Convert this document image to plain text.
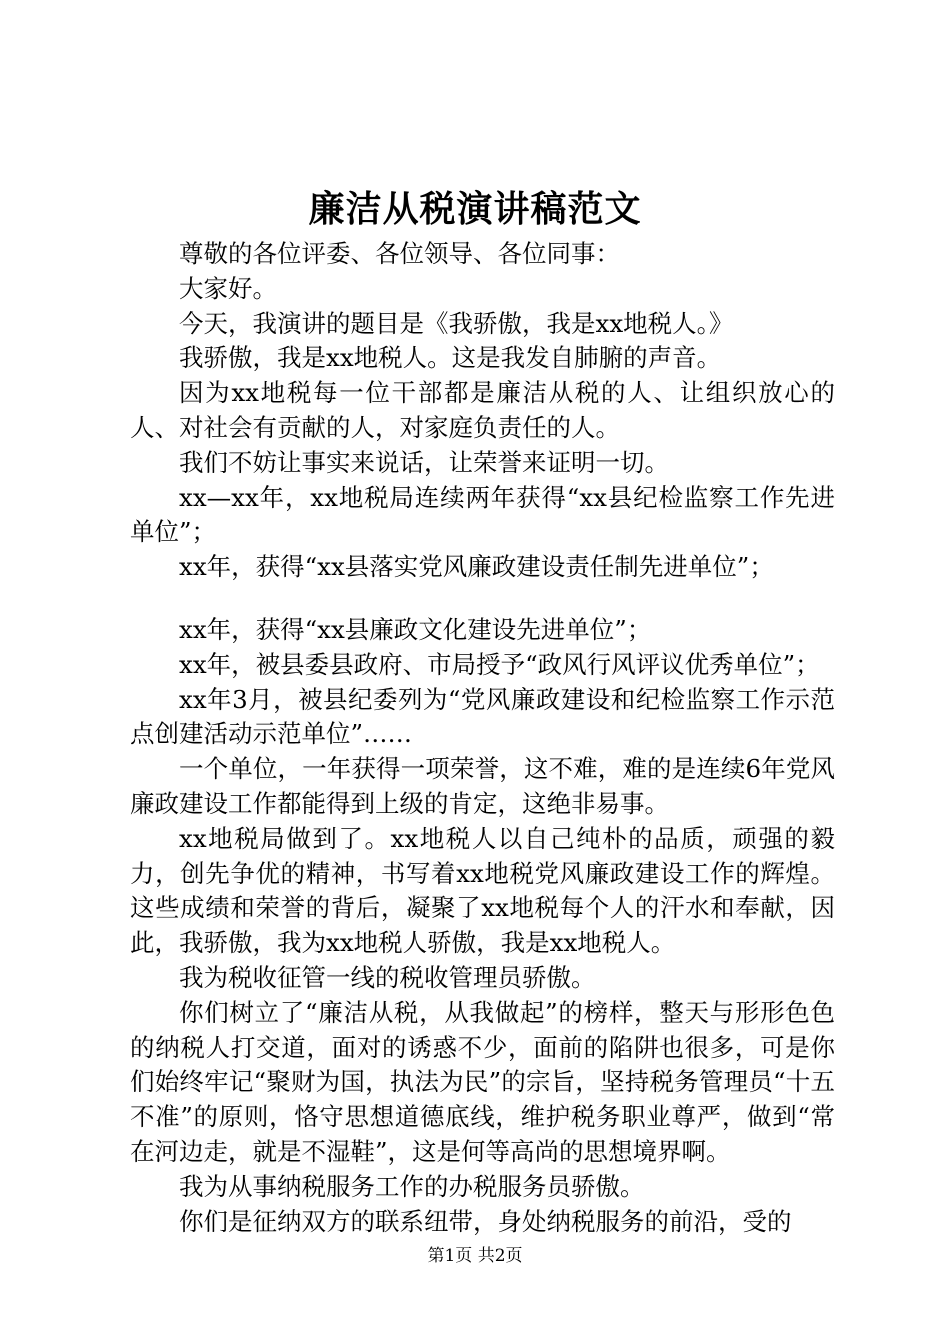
廉洁从税演讲稿范文

尊敬的各位评委、各位领导、各位同事：

大家好。

今天，我演讲的题目是《我骄傲，我是xx地税人。》

我骄傲，我是xx地税人。这是我发自肺腑的声音。

因为xx地税每一位干部都是廉洁从税的人、让组织放心的人、对社会有贡献的人，对家庭负责任的人。

我们不妨让事实来说话，让荣誉来证明一切。

xx—xx年，xx地税局连续两年获得“xx县纪检监察工作先进单位”；

xx年，获得“xx县落实党风廉政建设责任制先进单位”；

xx年，获得“xx县廉政文化建设先进单位”；

xx年，被县委县政府、市局授予“政风行风评议优秀单位”；

xx年3月，被县纪委列为“党风廉政建设和纪检监察工作示范点创建活动示范单位”……

一个单位，一年获得一项荣誉，这不难，难的是连续6年党风廉政建设工作都能得到上级的肯定，这绝非易事。

xx地税局做到了。xx地税人以自己纯朴的品质，顽强的毅力，创先争优的精神，书写着xx地税党风廉政建设工作的辉煌。这些成绩和荣誉的背后，凝聚了xx地税每个人的汗水和奉献，因此，我骄傲，我为xx地税人骄傲，我是xx地税人。

我为税收征管一线的税收管理员骄傲。

你们树立了“廉洁从税，从我做起”的榜样，整天与形形色色的纳税人打交道，面对的诱惑不少，面前的陷阱也很多，可是你们始终牢记“聚财为国，执法为民”的宗旨，坚持税务管理员“十五不准”的原则，恪守思想道德底线，维护税务职业尊严，做到“常在河边走，就是不湿鞋”，这是何等高尚的思想境界啊。

我为从事纳税服务工作的办税服务员骄傲。

你们是征纳双方的联系纽带，身处纳税服务的前沿，受的

第1页 共2页
